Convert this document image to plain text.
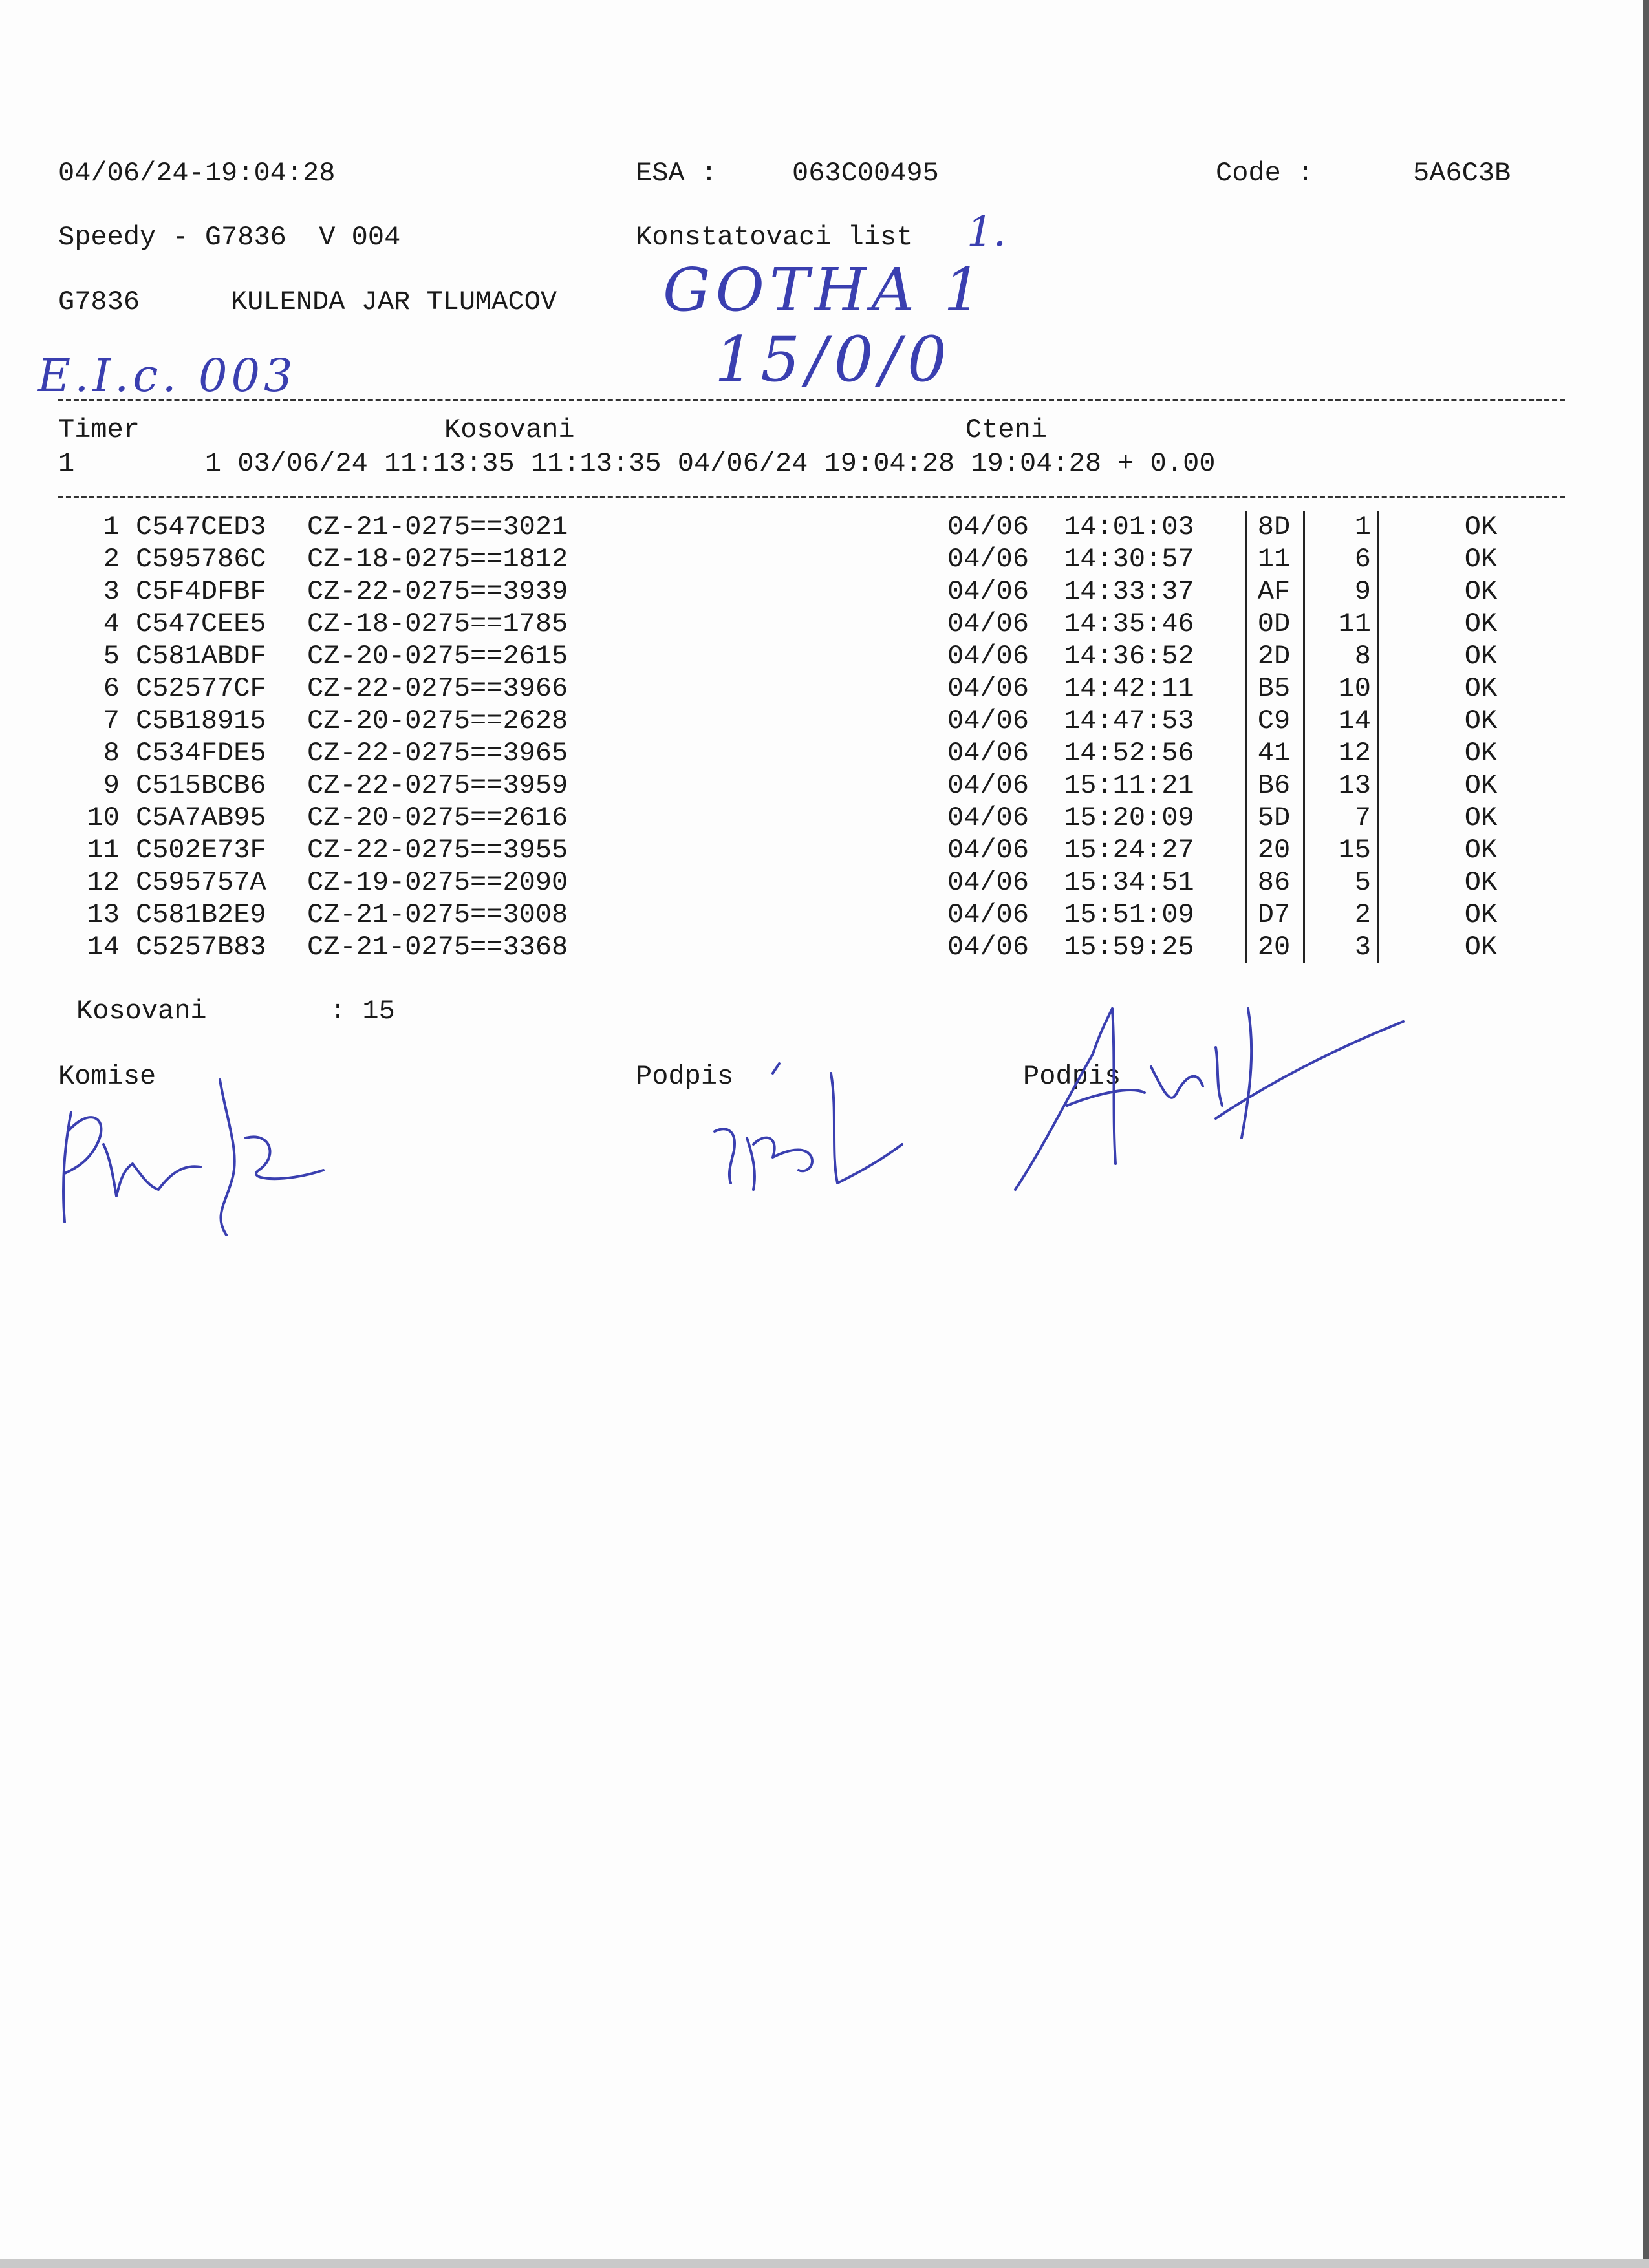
04/06/24-19:04:28	ESA :	063C00495	Code :	5A6C3B
Speedy - G7836  V 004	Konstatovaci list 1.
G7836	KULENDA JAR TLUMACOV GOTHA 1
15/0/0
E.I.c. 003
Timer	Kosovani	Cteni
1        1 03/06/24 11:13:35 11:13:35 04/06/24 19:04:28 19:04:28 + 0.00
1 C547CED3 CZ-21-0275==3021	04/06 14:01:03	8D	1	OK
2 C595786C CZ-18-0275==1812	04/06 14:30:57	11	6	OK
3 C5F4DFBF CZ-22-0275==3939	04/06 14:33:37	AF	9	OK
4 C547CEE5 CZ-18-0275==1785	04/06 14:35:46	0D	11	OK
5 C581ABDF CZ-20-0275==2615	04/06 14:36:52	2D	8	OK
6 C52577CF CZ-22-0275==3966	04/06 14:42:11	B5	10	OK
7 C5B18915 CZ-20-0275==2628	04/06 14:47:53	C9	14	OK
8 C534FDE5 CZ-22-0275==3965	04/06 14:52:56	41	12	OK
9 C515BCB6 CZ-22-0275==3959	04/06 15:11:21	B6	13	OK
10 C5A7AB95 CZ-20-0275==2616	04/06 15:20:09	5D	7	OK
11 C502E73F CZ-22-0275==3955	04/06 15:24:27	20	15	OK
12 C595757A CZ-19-0275==2090	04/06 15:34:51	86	5	OK
13 C581B2E9 CZ-21-0275==3008	04/06 15:51:09	D7	2	OK
14 C5257B83 CZ-21-0275==3368	04/06 15:59:25	20	3	OK
Kosovani	: 15
Komise	Podpis	Podpis
